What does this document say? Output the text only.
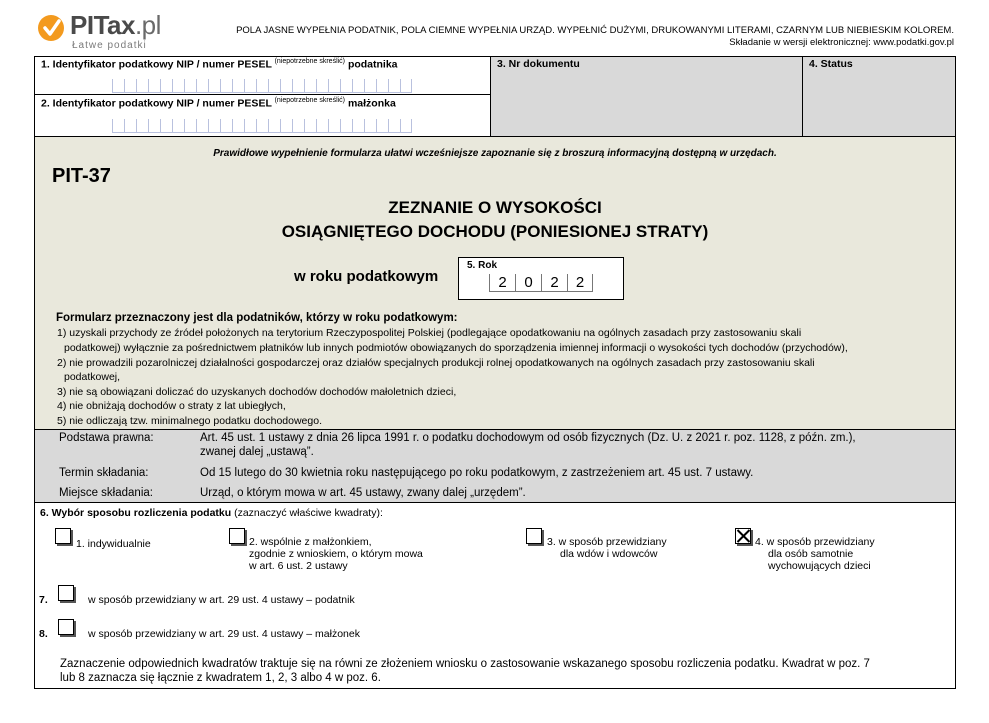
PITax.pl
Łatwe podatki
POLA JASNE WYPEŁNIA PODATNIK, POLA CIEMNE WYPEŁNIA URZĄD. WYPEŁNIĆ DUŻYMI, DRUKOWANYMI LITERAMI, CZARNYM LUB NIEBIESKIM KOLOREM.
Składanie w wersji elektronicznej: www.podatki.gov.pl
1. Identyfikator podatkowy NIP / numer PESEL $^{(niepotrzebne skreślić)}$ podatnika
2. Identyfikator podatkowy NIP / numer PESEL $^{(niepotrzebne skreślić)}$ małżonka
3. Nr dokumentu	4. Status
Prawidłowe wypełnienie formularza ułatwi wcześniejsze zapoznanie się z broszurą informacyjną dostępną w urzędach.
PIT-37
ZEZNANIE O WYSOKOŚCI
OSIĄGNIĘTEGO DOCHODU (PONIESIONEJ STRATY)
w roku podatkowym
5. Rok
2	0	2	2
Formularz przeznaczony jest dla podatników, którzy w roku podatkowym:
1) uzyskali przychody ze źródeł położonych na terytorium Rzeczypospolitej Polskiej (podlegające opodatkowaniu na ogólnych zasadach przy zastosowaniu skali
podatkowej) wyłącznie za pośrednictwem płatników lub innych podmiotów obowiązanych do sporządzenia imiennej informacji o wysokości tych dochodów (przychodów),
2) nie prowadzili pozarolniczej działalności gospodarczej oraz działów specjalnych produkcji rolnej opodatkowanych na ogólnych zasadach przy zastosowaniu skali
podatkowej,
3) nie są obowiązani doliczać do uzyskanych dochodów dochodów małoletnich dzieci,
4) nie obniżają dochodów o straty z lat ubiegłych,
5) nie odliczają tzw. minimalnego podatku dochodowego.
Podstawa prawna:	Art. 45 ust. 1 ustawy z dnia 26 lipca 1991 r. o podatku dochodowym od osób fizycznych (Dz. U. z 2021 r. poz. 1128, z późn. zm.),
zwanej dalej „ustawą”.
Termin składania:	Od 15 lutego do 30 kwietnia roku następującego po roku podatkowym, z zastrzeżeniem art. 45 ust. 7 ustawy.
Miejsce składania:	Urząd, o którym mowa w art. 45 ustawy, zwany dalej „urzędem”.
6. Wybór sposobu rozliczenia podatku (zaznaczyć właściwe kwadraty):
1. indywidualnie	2. wspólnie z małżonkiem,
zgodnie z wnioskiem, o którym mowa
w art. 6 ust. 2 ustawy
3. w sposób przewidziany
dla wdów i wdowców
4. w sposób przewidziany
dla osób samotnie
wychowujących dzieci
7.	w sposób przewidziany w art. 29 ust. 4 ustawy – podatnik
8.	w sposób przewidziany w art. 29 ust. 4 ustawy – małżonek
Zaznaczenie odpowiednich kwadratów traktuje się na równi ze złożeniem wniosku o zastosowanie wskazanego sposobu rozliczenia podatku. Kwadrat w poz. 7
lub 8 zaznacza się łącznie z kwadratem 1, 2, 3 albo 4 w poz. 6.
